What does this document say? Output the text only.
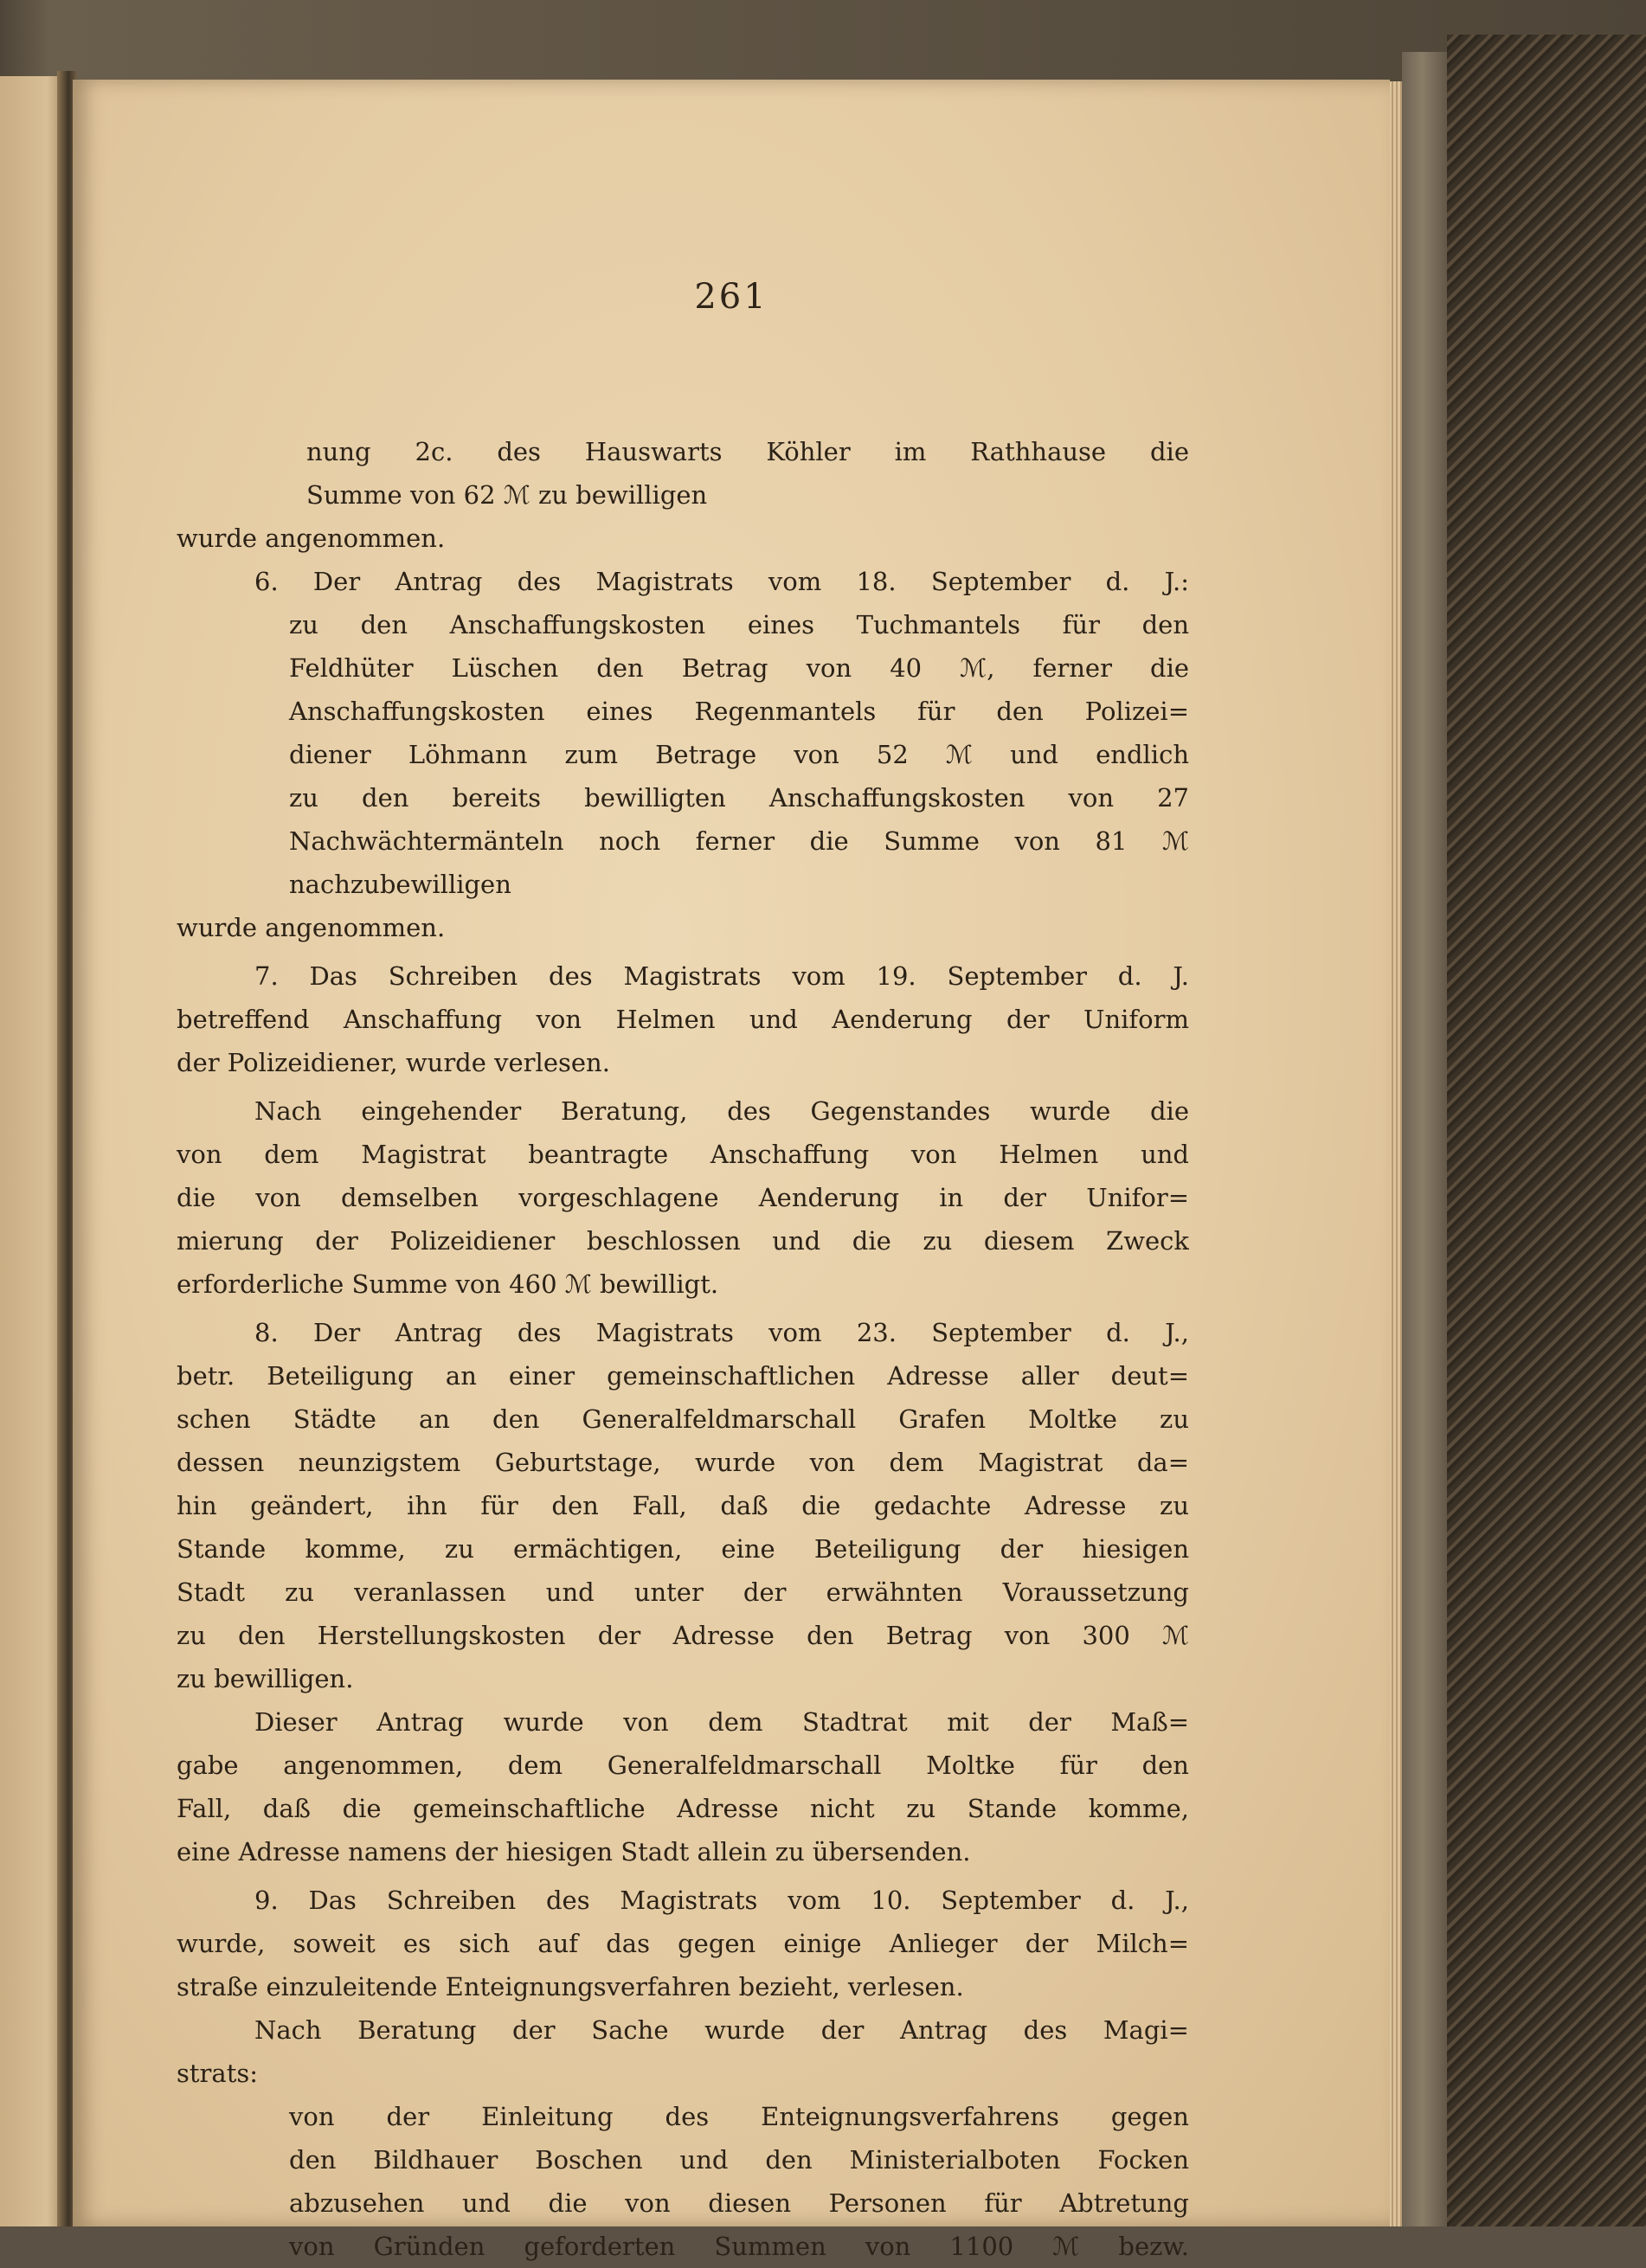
261
nung 2c. des Hauswarts Köhler im Rathhause die
Summe von 62 ℳ zu bewilligen
wurde angenommen.
6. Der Antrag des Magistrats vom 18. September d. J.:
zu den Anschaffungskosten eines Tuchmantels für den
Feldhüter Lüschen den Betrag von 40 ℳ, ferner die
Anschaffungskosten eines Regenmantels für den Polizei=
diener Löhmann zum Betrage von 52 ℳ und endlich
zu den bereits bewilligten Anschaffungskosten von 27
Nachwächtermänteln noch ferner die Summe von 81 ℳ
nachzubewilligen
wurde angenommen.
7. Das Schreiben des Magistrats vom 19. September d. J.
betreffend Anschaffung von Helmen und Aenderung der Uniform
der Polizeidiener, wurde verlesen.
Nach eingehender Beratung, des Gegenstandes wurde die
von dem Magistrat beantragte Anschaffung von Helmen und
die von demselben vorgeschlagene Aenderung in der Unifor=
mierung der Polizeidiener beschlossen und die zu diesem Zweck
erforderliche Summe von 460 ℳ bewilligt.
8. Der Antrag des Magistrats vom 23. September d. J.,
betr. Beteiligung an einer gemeinschaftlichen Adresse aller deut=
schen Städte an den Generalfeldmarschall Grafen Moltke zu
dessen neunzigstem Geburtstage, wurde von dem Magistrat da=
hin geändert, ihn für den Fall, daß die gedachte Adresse zu
Stande komme, zu ermächtigen, eine Beteiligung der hiesigen
Stadt zu veranlassen und unter der erwähnten Voraussetzung
zu den Herstellungskosten der Adresse den Betrag von 300 ℳ
zu bewilligen.
Dieser Antrag wurde von dem Stadtrat mit der Maß=
gabe angenommen, dem Generalfeldmarschall Moltke für den
Fall, daß die gemeinschaftliche Adresse nicht zu Stande komme,
eine Adresse namens der hiesigen Stadt allein zu übersenden.
9. Das Schreiben des Magistrats vom 10. September d. J.,
wurde, soweit es sich auf das gegen einige Anlieger der Milch=
straße einzuleitende Enteignungsverfahren bezieht, verlesen.
Nach Beratung der Sache wurde der Antrag des Magi=
strats:
von der Einleitung des Enteignungsverfahrens gegen
den Bildhauer Boschen und den Ministerialboten Focken
abzusehen und die von diesen Personen für Abtretung
von Gründen geforderten Summen von 1100 ℳ bezw.
